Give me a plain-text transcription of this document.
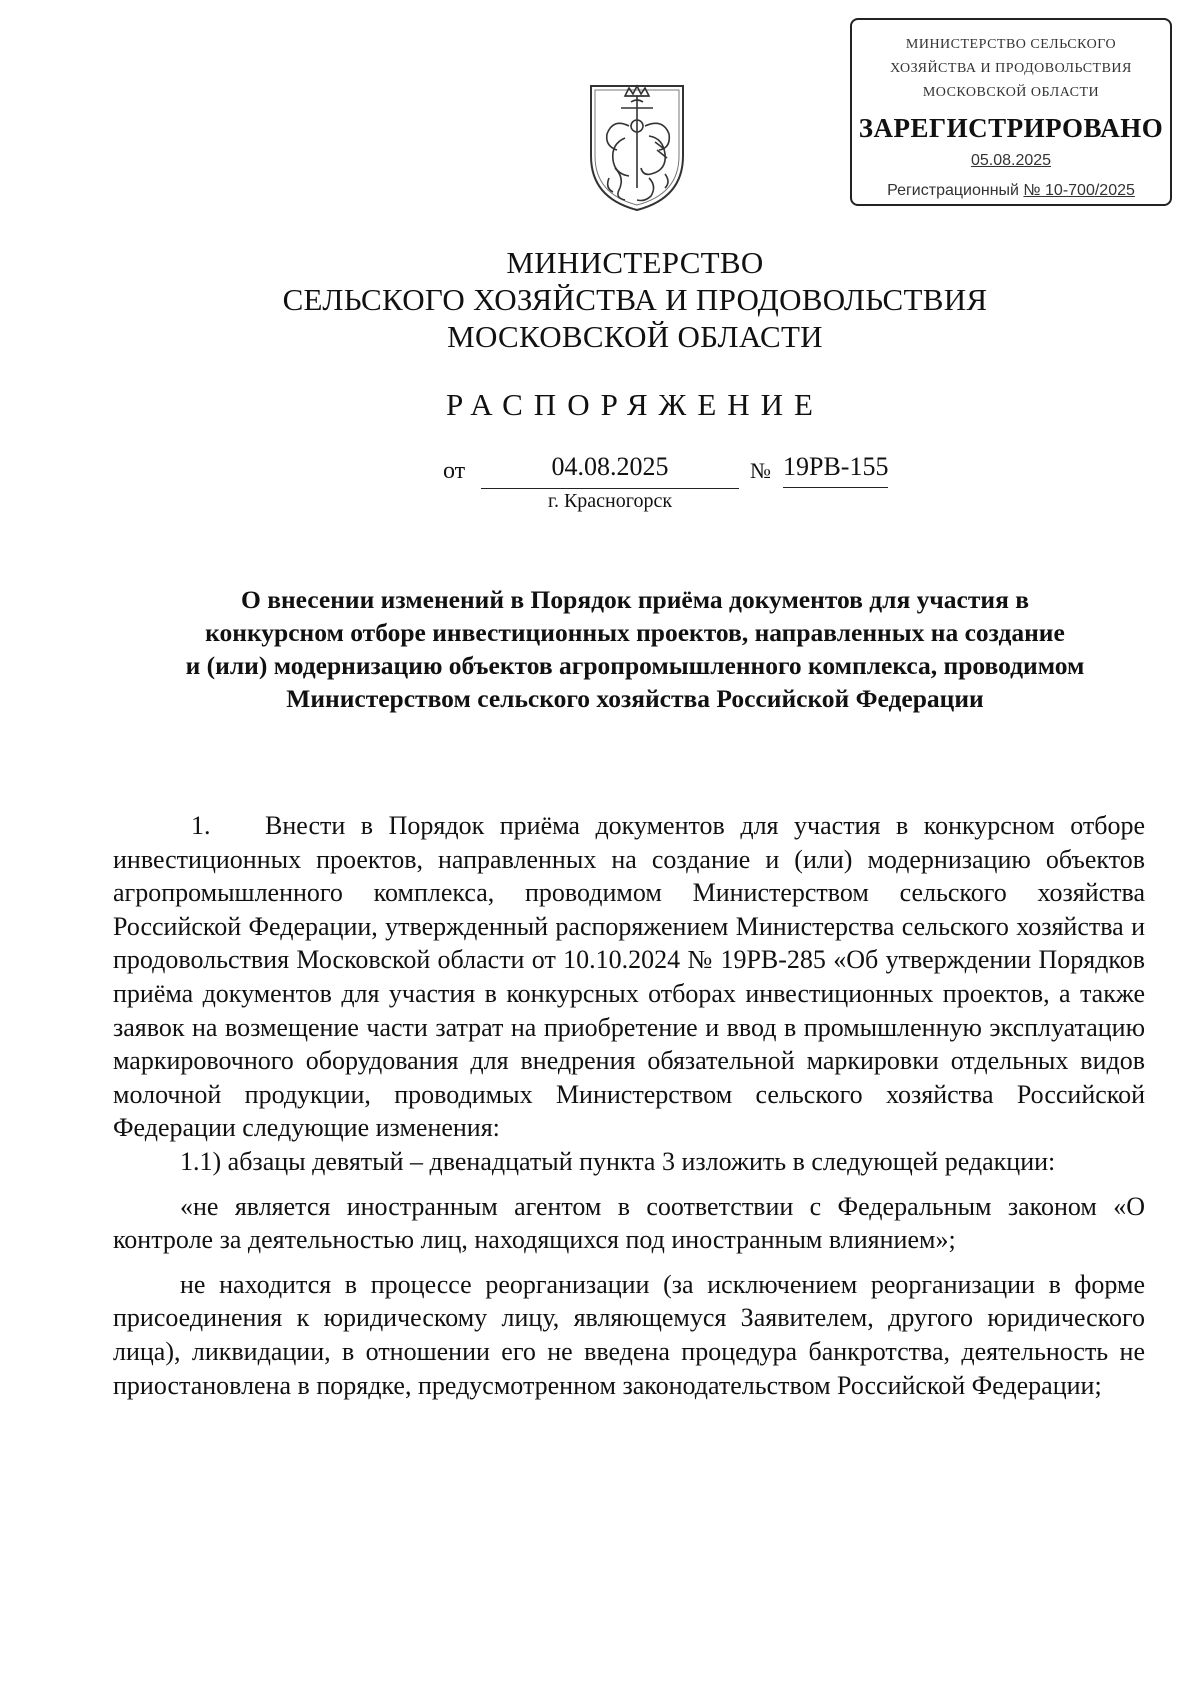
МИНИСТЕРСТВО СЕЛЬСКОГО
ХОЗЯЙСТВА И ПРОДОВОЛЬСТВИЯ
МОСКОВСКОЙ ОБЛАСТИ
ЗАРЕГИСТРИРОВАНО
05.08.2025
Регистрационный № 10-700/2025
МИНИСТЕРСТВО
СЕЛЬСКОГО ХОЗЯЙСТВА И ПРОДОВОЛЬСТВИЯ
МОСКОВСКОЙ ОБЛАСТИ
РАСПОРЯЖЕНИЕ
от	04.08.2025	№ 19РВ-155
г. Красногорск
О внесении изменений в Порядок приёма документов для участия в
конкурсном отборе инвестиционных проектов, направленных на создание
и (или) модернизацию объектов агропромышленного комплекса, проводимом
Министерством сельского хозяйства Российской Федерации

1. Внести в Порядок приёма документов для участия в конкурсном отборе инвестиционных проектов, направленных на создание и (или) модернизацию объектов агропромышленного комплекса, проводимом Министерством сельского хозяйства Российской Федерации, утвержденный распоряжением Министерства сельского хозяйства и продовольствия Московской области от 10.10.2024 № 19РВ-285 «Об утверждении Порядков приёма документов для участия в конкурсных отборах инвестиционных проектов, а также заявок на возмещение части затрат на приобретение и ввод в промышленную эксплуатацию маркировочного оборудования для внедрения обязательной маркировки отдельных видов молочной продукции, проводимых Министерством сельского хозяйства Российской Федерации следующие изменения:

1.1) абзацы девятый – двенадцатый пункта 3 изложить в следующей редакции:

«не является иностранным агентом в соответствии с Федеральным законом «О контроле за деятельностью лиц, находящихся под иностранным влиянием»;

не находится в процессе реорганизации (за исключением реорганизации в форме присоединения к юридическому лицу, являющемуся Заявителем, другого юридического лица), ликвидации, в отношении его не введена процедура банкротства, деятельность не приостановлена в порядке, предусмотренном законодательством Российской Федерации;
